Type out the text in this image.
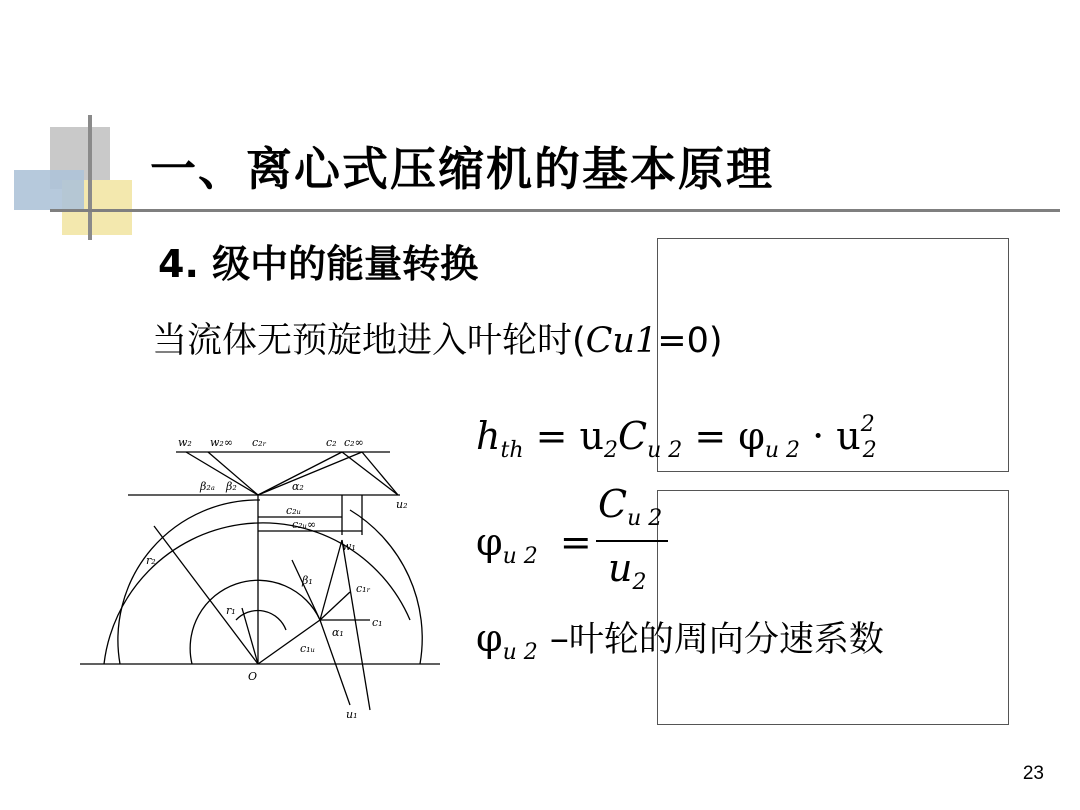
一、离心式压缩机的基本原理
4. 级中的能量转换
当流体无预旋地进入叶轮时(Cu1=0)
$h_{th} = u_2C_{u 2} = \varphi_{u 2} \cdot u^2_2$
$\varphi_{u 2}$ =
$C_{u 2}$
$u_2$
$\varphi_{u 2}$ –叶轮的周向分速系数
w₂ w₂∞ c₂ᵣ	c₂ c₂∞
β₂ₐ β₂	α₂
u₂
c₂ᵤ
c₂ᵤ∞
r₂
w₁
r₁
β₁
c₁ᵣ
α₁
c₁
c₁ᵤ
O
u₁
23
